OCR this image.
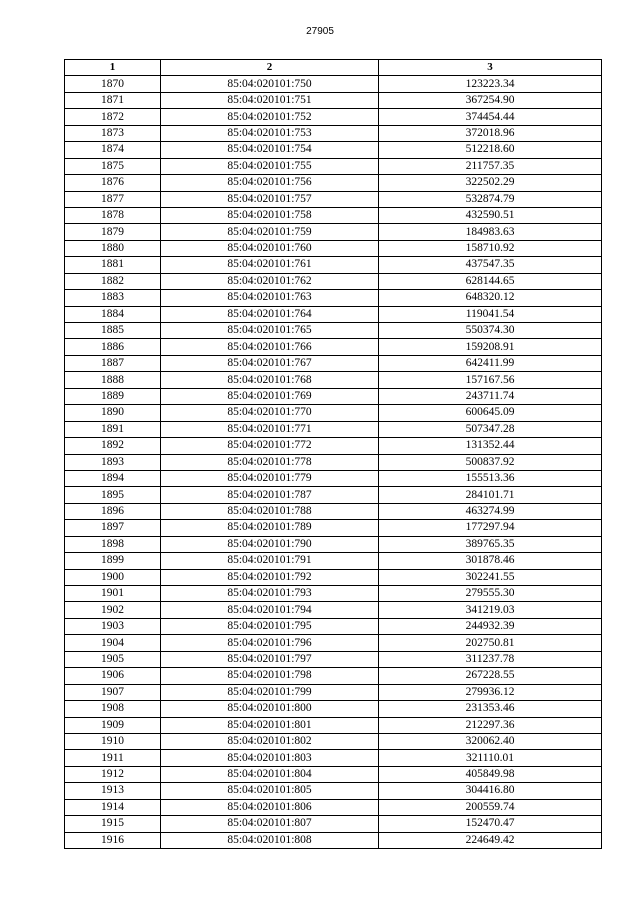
27905
1	2	3
1870	85:04:020101:750	123223.34
1871	85:04:020101:751	367254.90
1872	85:04:020101:752	374454.44
1873	85:04:020101:753	372018.96
1874	85:04:020101:754	512218.60
1875	85:04:020101:755	211757.35
1876	85:04:020101:756	322502.29
1877	85:04:020101:757	532874.79
1878	85:04:020101:758	432590.51
1879	85:04:020101:759	184983.63
1880	85:04:020101:760	158710.92
1881	85:04:020101:761	437547.35
1882	85:04:020101:762	628144.65
1883	85:04:020101:763	648320.12
1884	85:04:020101:764	119041.54
1885	85:04:020101:765	550374.30
1886	85:04:020101:766	159208.91
1887	85:04:020101:767	642411.99
1888	85:04:020101:768	157167.56
1889	85:04:020101:769	243711.74
1890	85:04:020101:770	600645.09
1891	85:04:020101:771	507347.28
1892	85:04:020101:772	131352.44
1893	85:04:020101:778	500837.92
1894	85:04:020101:779	155513.36
1895	85:04:020101:787	284101.71
1896	85:04:020101:788	463274.99
1897	85:04:020101:789	177297.94
1898	85:04:020101:790	389765.35
1899	85:04:020101:791	301878.46
1900	85:04:020101:792	302241.55
1901	85:04:020101:793	279555.30
1902	85:04:020101:794	341219.03
1903	85:04:020101:795	244932.39
1904	85:04:020101:796	202750.81
1905	85:04:020101:797	311237.78
1906	85:04:020101:798	267228.55
1907	85:04:020101:799	279936.12
1908	85:04:020101:800	231353.46
1909	85:04:020101:801	212297.36
1910	85:04:020101:802	320062.40
1911	85:04:020101:803	321110.01
1912	85:04:020101:804	405849.98
1913	85:04:020101:805	304416.80
1914	85:04:020101:806	200559.74
1915	85:04:020101:807	152470.47
1916	85:04:020101:808	224649.42
